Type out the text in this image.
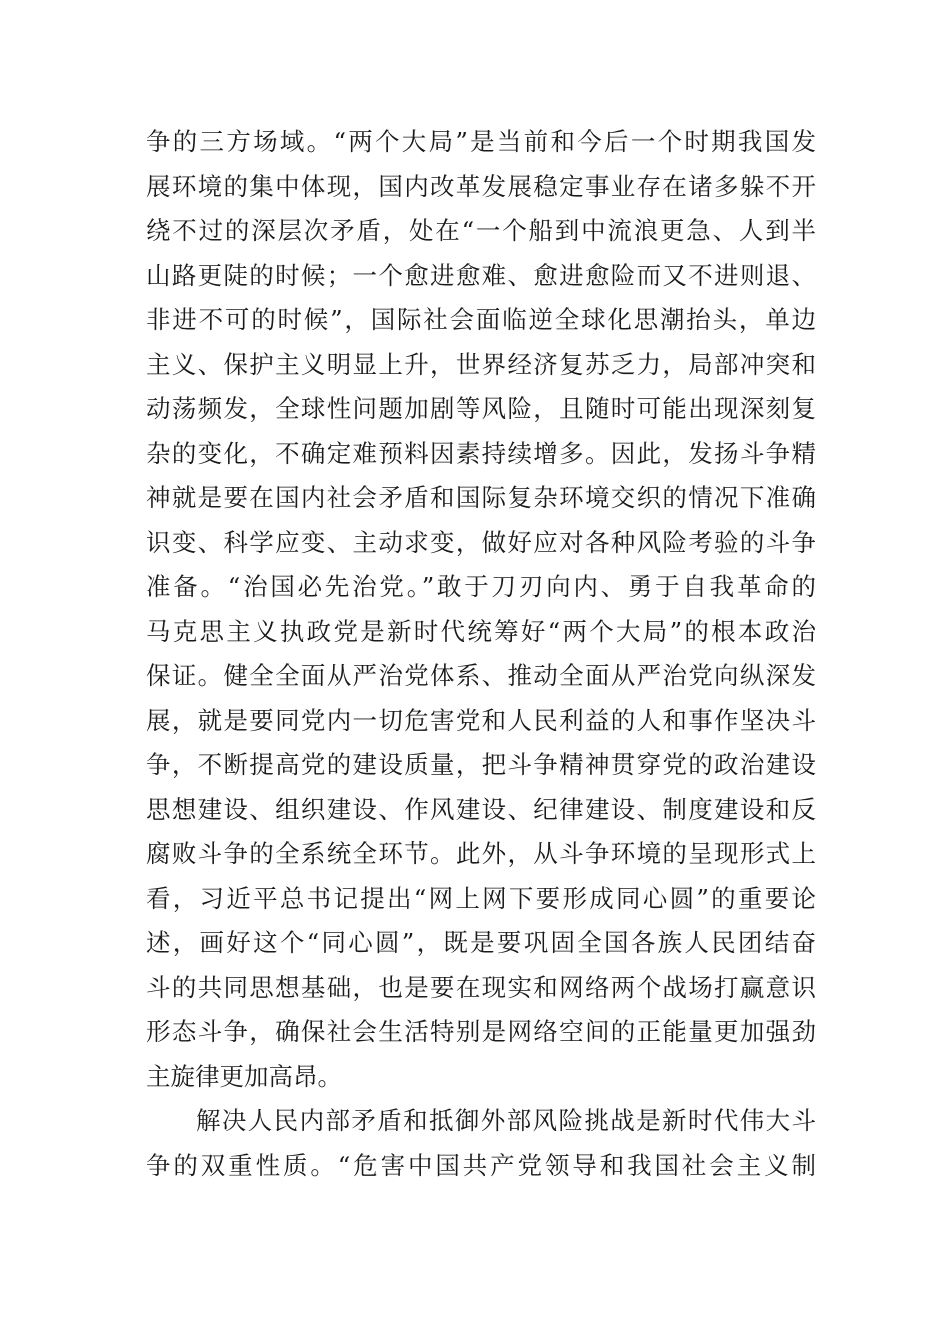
争的三方场域。“两个大局”是当前和今后一个时期我国发
展环境的集中体现，国内改革发展稳定事业存在诸多躲不开
绕不过的深层次矛盾，处在“一个船到中流浪更急、人到半
山路更陡的时候；一个愈进愈难、愈进愈险而又不进则退、
非进不可的时候”，国际社会面临逆全球化思潮抬头，单边
主义、保护主义明显上升，世界经济复苏乏力，局部冲突和
动荡频发，全球性问题加剧等风险，且随时可能出现深刻复
杂的变化，不确定难预料因素持续增多。因此，发扬斗争精
神就是要在国内社会矛盾和国际复杂环境交织的情况下准确
识变、科学应变、主动求变，做好应对各种风险考验的斗争
准备。“治国必先治党。”敢于刀刃向内、勇于自我革命的
马克思主义执政党是新时代统筹好“两个大局”的根本政治
保证。健全全面从严治党体系、推动全面从严治党向纵深发
展，就是要同党内一切危害党和人民利益的人和事作坚决斗
争，不断提高党的建设质量，把斗争精神贯穿党的政治建设
思想建设、组织建设、作风建设、纪律建设、制度建设和反
腐败斗争的全系统全环节。此外，从斗争环境的呈现形式上
看，习近平总书记提出“网上网下要形成同心圆”的重要论
述，画好这个“同心圆”，既是要巩固全国各族人民团结奋
斗的共同思想基础，也是要在现实和网络两个战场打赢意识
形态斗争，确保社会生活特别是网络空间的正能量更加强劲
主旋律更加高昂。
解决人民内部矛盾和抵御外部风险挑战是新时代伟大斗
争的双重性质。“危害中国共产党领导和我国社会主义制
